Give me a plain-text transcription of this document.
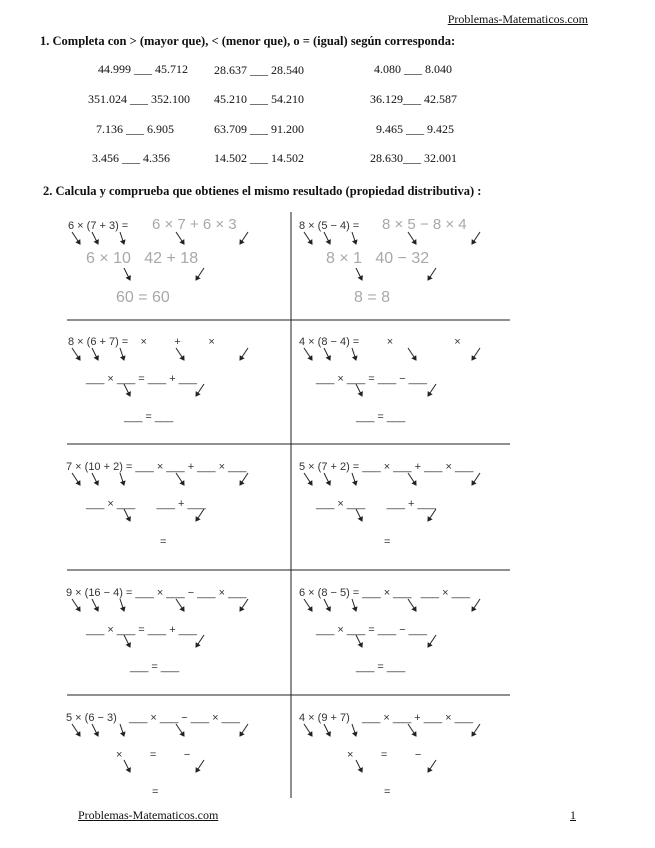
Problemas-Matematicos.com
1. Completa con > (mayor que), < (menor que), o = (igual) según corresponda:
44.999 ___ 45.712 28.637 ___ 28.540	4.080 ___ 8.040
351.024 ___ 352.100 45.210 ___ 54.210	36.129___ 42.587
7.136 ___ 6.905	63.709 ___ 91.200	9.465 ___ 9.425
3.456 ___ 4.356	14.502 ___ 14.502	28.630___ 32.001
2. Calcula y comprueba que obtienes el mismo resultado (propiedad distributiva) :
6 × (7 + 3) = 6 × 7 + 6 × 3
6 × 10   42 + 18
60 = 60
8 × (5 − 4) = 8 × 5 − 8 × 4
8 × 1   40 − 32
8 = 8
8 × (6 + 7) =    ×         +         ×
___ × ___ = ___ + ___
___ = ___
4 × (8 − 4) =         ×                    ×
___ × ___ = ___ − ___
___ = ___
7 × (10 + 2) = ___ × ___ + ___ × ___
___ × ___       ___ + ___
=
5 × (7 + 2) = ___ × ___ + ___ × ___
___ × ___       ___ + ___
=
9 × (16 − 4) = ___ × ___ − ___ × ___
___ × ___ = ___ + ___
___ = ___
6 × (8 − 5) = ___ × ___   ___ × ___
___ × ___ = ___ − ___
___ = ___
5 × (6 − 3)    ___ × ___ − ___ × ___
×         =         −
=
4 × (9 + 7)    ___ × ___ + ___ × ___
×         =         −
=
Problemas-Matematicos.com	1
